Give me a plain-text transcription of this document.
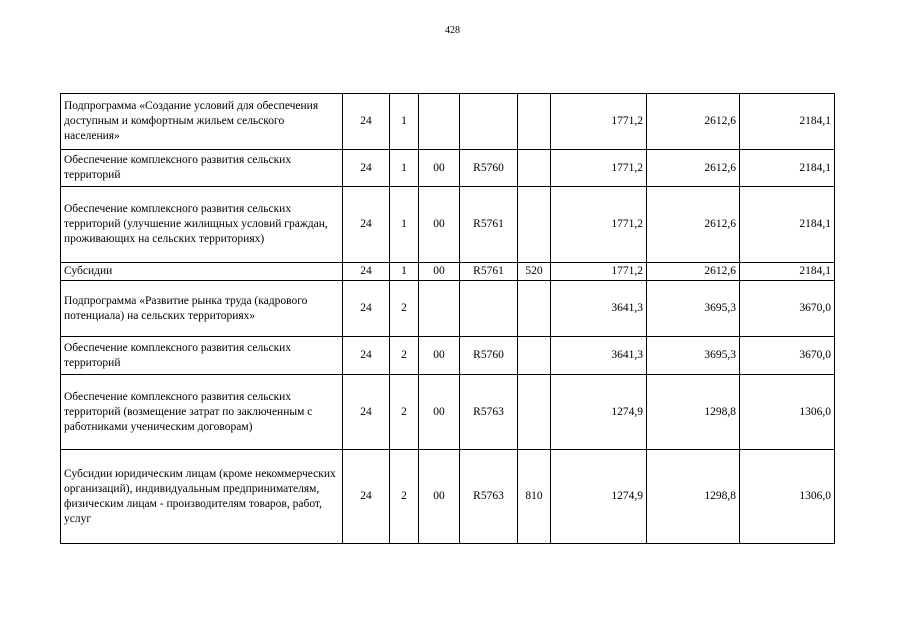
428
Подпрограмма «Создание условий для обеспечения доступным и комфортным жильем сельского населения»	24	1				1771,2	2612,6	2184,1
Обеспечение комплексного развития сельских территорий	24	1	00	R5760		1771,2	2612,6	2184,1
Обеспечение комплексного развития сельских территорий (улучшение жилищных условий граждан, проживающих на сельских территориях)	24	1	00	R5761		1771,2	2612,6	2184,1
Субсидии	24	1	00	R5761	520	1771,2	2612,6	2184,1
Подпрограмма «Развитие рынка труда (кадрового потенциала) на сельских территориях»	24	2				3641,3	3695,3	3670,0
Обеспечение комплексного развития сельских территорий	24	2	00	R5760		3641,3	3695,3	3670,0
Обеспечение комплексного развития сельских территорий (возмещение затрат по заключенным с работниками ученическим договорам)	24	2	00	R5763		1274,9	1298,8	1306,0
Субсидии юридическим лицам (кроме некоммерческих организаций), индивидуальным предпринимателям, физическим лицам - производителям товаров, работ, услуг	24	2	00	R5763	810	1274,9	1298,8	1306,0
